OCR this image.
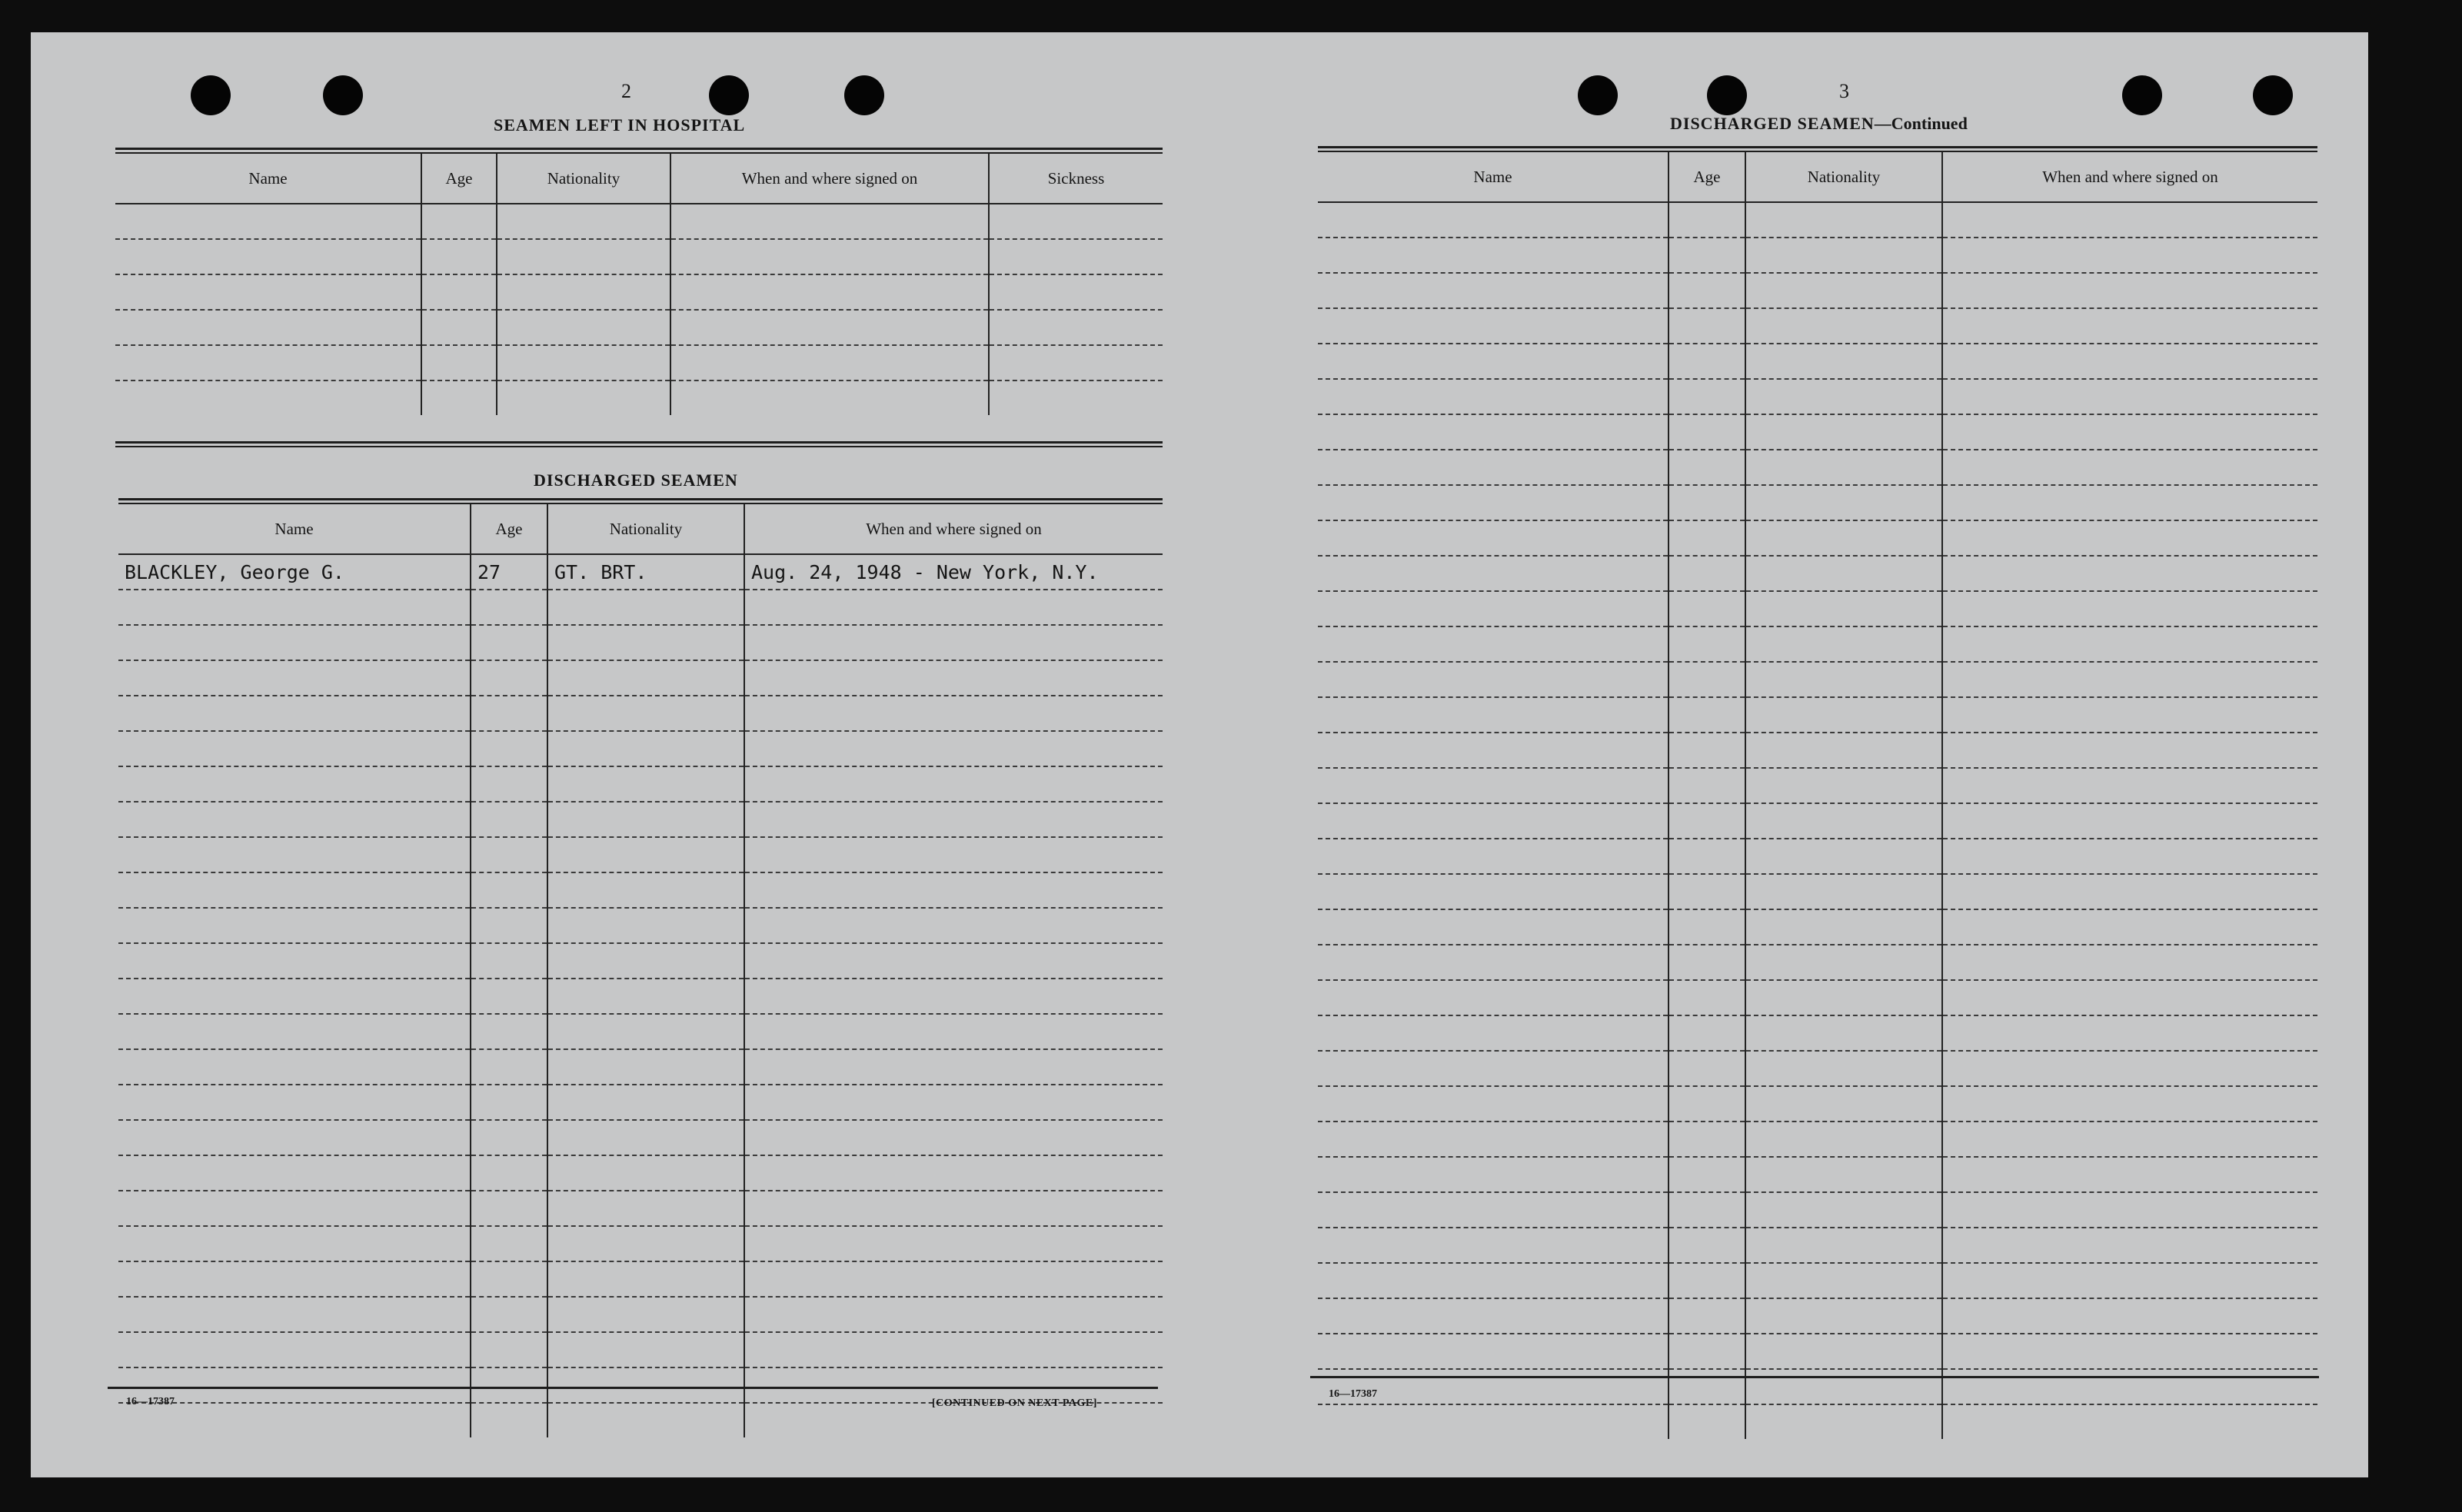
2
SEAMEN LEFT IN HOSPITAL
Name	Age	Nationality	When and where signed on	Sickness

DISCHARGED SEAMEN
Name	Age	Nationality	When and where signed on
BLACKLEY, George G.	27	GT. BRT.	Aug. 24, 1948 - New York, N.Y.

16—17387	[CONTINUED ON NEXT PAGE]
3
DISCHARGED SEAMEN—Continued
Name	Age	Nationality	When and where signed on

16—17387
